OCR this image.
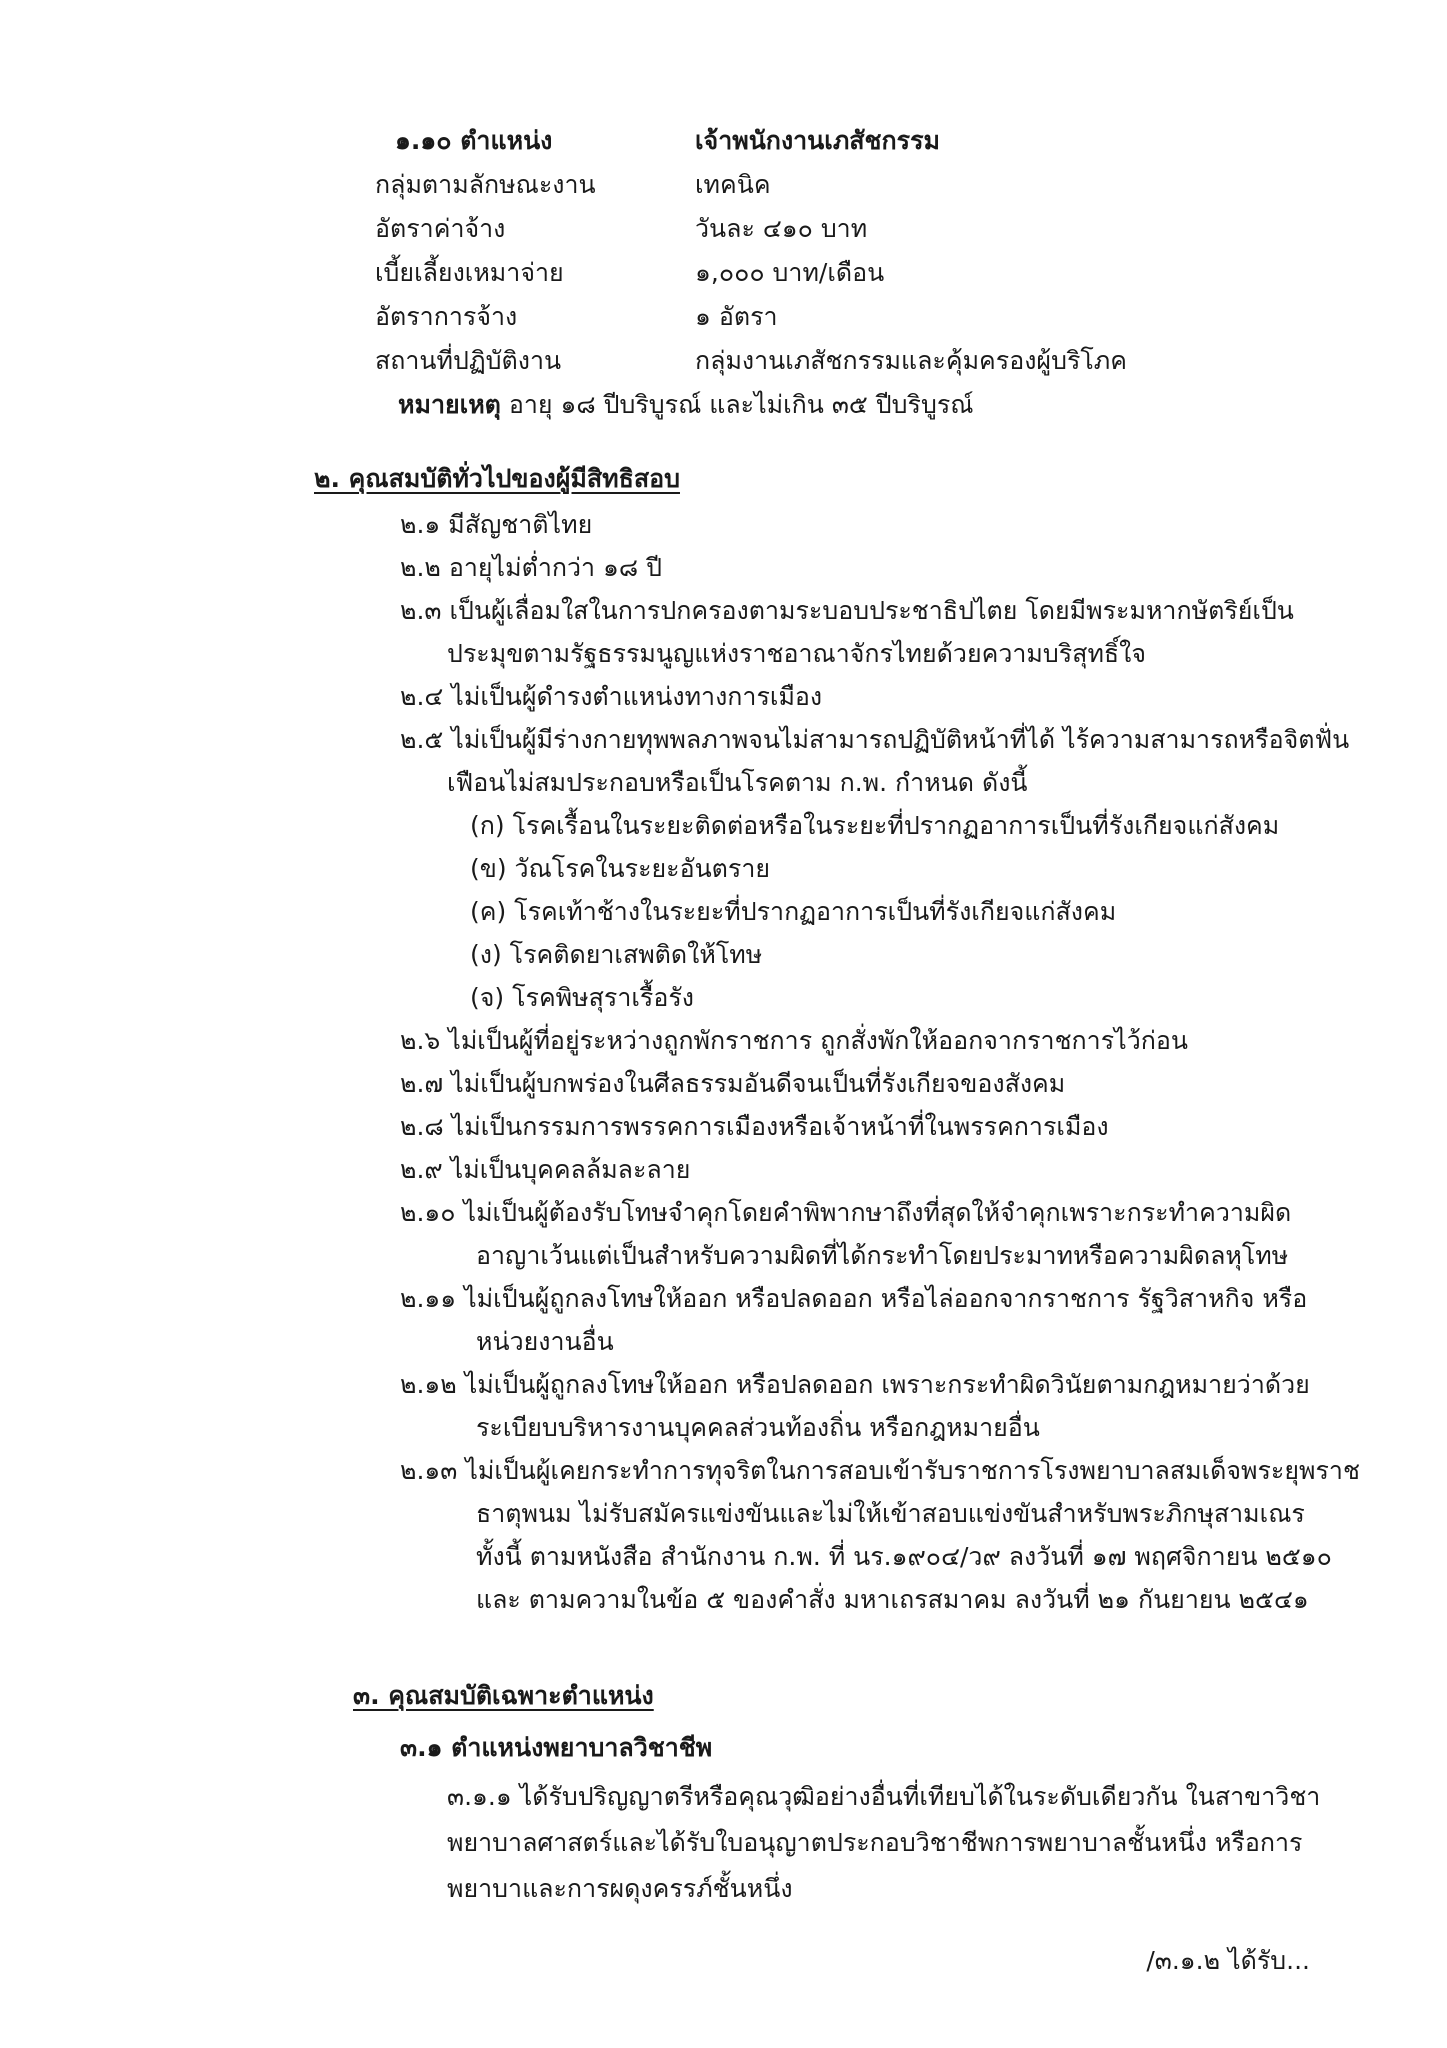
๑.๑๐ ตำแหน่ง	เจ้าพนักงานเภสัชกรรม
กลุ่มตามลักษณะงาน	เทคนิค
อัตราค่าจ้าง	วันละ ๔๑๐ บาท
เบี้ยเลี้ยงเหมาจ่าย	๑,๐๐๐ บาท/เดือน
อัตราการจ้าง	๑ อัตรา
สถานที่ปฏิบัติงาน	กลุ่มงานเภสัชกรรมและคุ้มครองผู้บริโภค
หมายเหตุ อายุ ๑๘ ปีบริบูรณ์ และไม่เกิน ๓๕ ปีบริบูรณ์
๒. คุณสมบัติทั่วไปของผู้มีสิทธิสอบ
๒.๑ มีสัญชาติไทย
๒.๒ อายุไม่ต่ำกว่า ๑๘ ปี
๒.๓ เป็นผู้เลื่อมใสในการปกครองตามระบอบประชาธิปไตย โดยมีพระมหากษัตริย์เป็น
ประมุขตามรัฐธรรมนูญแห่งราชอาณาจักรไทยด้วยความบริสุทธิ์ใจ
๒.๔ ไม่เป็นผู้ดำรงตำแหน่งทางการเมือง
๒.๕ ไม่เป็นผู้มีร่างกายทุพพลภาพจนไม่สามารถปฏิบัติหน้าที่ได้ ไร้ความสามารถหรือจิตฟั่น
เฟือนไม่สมประกอบหรือเป็นโรคตาม ก.พ. กำหนด ดังนี้
(ก) โรคเรื้อนในระยะติดต่อหรือในระยะที่ปรากฏอาการเป็นที่รังเกียจแก่สังคม
(ข) วัณโรคในระยะอันตราย
(ค) โรคเท้าช้างในระยะที่ปรากฏอาการเป็นที่รังเกียจแก่สังคม
(ง) โรคติดยาเสพติดให้โทษ
(จ) โรคพิษสุราเรื้อรัง
๒.๖ ไม่เป็นผู้ที่อยู่ระหว่างถูกพักราชการ ถูกสั่งพักให้ออกจากราชการไว้ก่อน
๒.๗ ไม่เป็นผู้บกพร่องในศีลธรรมอันดีจนเป็นที่รังเกียจของสังคม
๒.๘ ไม่เป็นกรรมการพรรคการเมืองหรือเจ้าหน้าที่ในพรรคการเมือง
๒.๙ ไม่เป็นบุคคลล้มละลาย
๒.๑๐ ไม่เป็นผู้ต้องรับโทษจำคุกโดยคำพิพากษาถึงที่สุดให้จำคุกเพราะกระทำความผิด
อาญาเว้นแต่เป็นสำหรับความผิดที่ได้กระทำโดยประมาทหรือความผิดลหุโทษ
๒.๑๑ ไม่เป็นผู้ถูกลงโทษให้ออก หรือปลดออก หรือไล่ออกจากราชการ รัฐวิสาหกิจ หรือ
หน่วยงานอื่น
๒.๑๒ ไม่เป็นผู้ถูกลงโทษให้ออก หรือปลดออก เพราะกระทำผิดวินัยตามกฎหมายว่าด้วย
ระเบียบบริหารงานบุคคลส่วนท้องถิ่น หรือกฎหมายอื่น
๒.๑๓ ไม่เป็นผู้เคยกระทำการทุจริตในการสอบเข้ารับราชการโรงพยาบาลสมเด็จพระยุพราช
ธาตุพนม ไม่รับสมัครแข่งขันและไม่ให้เข้าสอบแข่งขันสำหรับพระภิกษุสามเณร
ทั้งนี้ ตามหนังสือ สำนักงาน ก.พ. ที่ นร.๑๙๐๔/ว๙ ลงวันที่ ๑๗ พฤศจิกายน ๒๕๑๐
และ ตามความในข้อ ๕ ของคำสั่ง มหาเถรสมาคม ลงวันที่ ๒๑ กันยายน ๒๕๔๑
๓. คุณสมบัติเฉพาะตำแหน่ง
๓.๑ ตำแหน่งพยาบาลวิชาชีพ
๓.๑.๑ ได้รับปริญญาตรีหรือคุณวุฒิอย่างอื่นที่เทียบได้ในระดับเดียวกัน ในสาขาวิชา
พยาบาลศาสตร์และได้รับใบอนุญาตประกอบวิชาชีพการพยาบาลชั้นหนึ่ง หรือการ
พยาบาและการผดุงครรภ์ชั้นหนึ่ง
/๓.๑.๒ ได้รับ...
